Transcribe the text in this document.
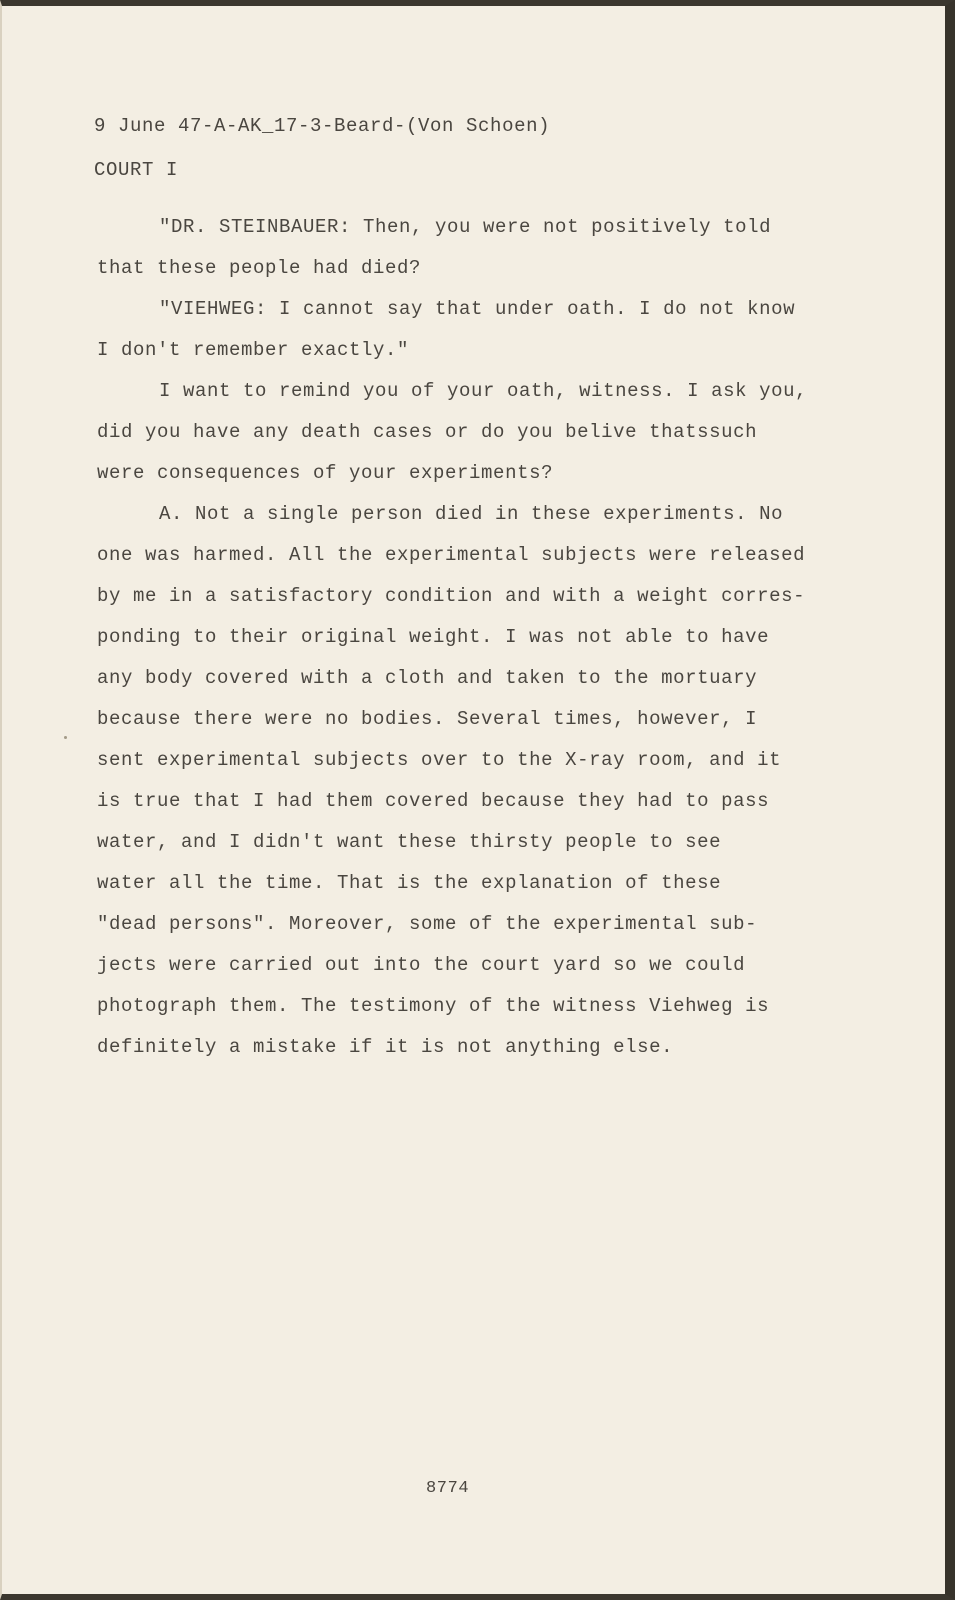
9 June 47-A-AK_17-3-Beard-(Von Schoen)
COURT I
"DR. STEINBAUER: Then, you were not positively told
that these people had died?
"VIEHWEG: I cannot say that under oath. I do not know
I don't remember exactly."
I want to remind you of your oath, witness. I ask you,
did you have any death cases or do you belive thatssuch
were consequences of your experiments?
A. Not a single person died in these experiments. No
one was harmed. All the experimental subjects were released
by me in a satisfactory condition and with a weight corres-
ponding to their original weight. I was not able to have
any body covered with a cloth and taken to the mortuary
because there were no bodies. Several times, however, I
sent experimental subjects over to the X-ray room, and it
is true that I had them covered because they had to pass
water, and I didn't want these thirsty people to see
water all the time. That is the explanation of these
"dead persons". Moreover, some of the experimental sub-
jects were carried out into the court yard so we could
photograph them. The testimony of the witness Viehweg is
definitely a mistake if it is not anything else.
8774
